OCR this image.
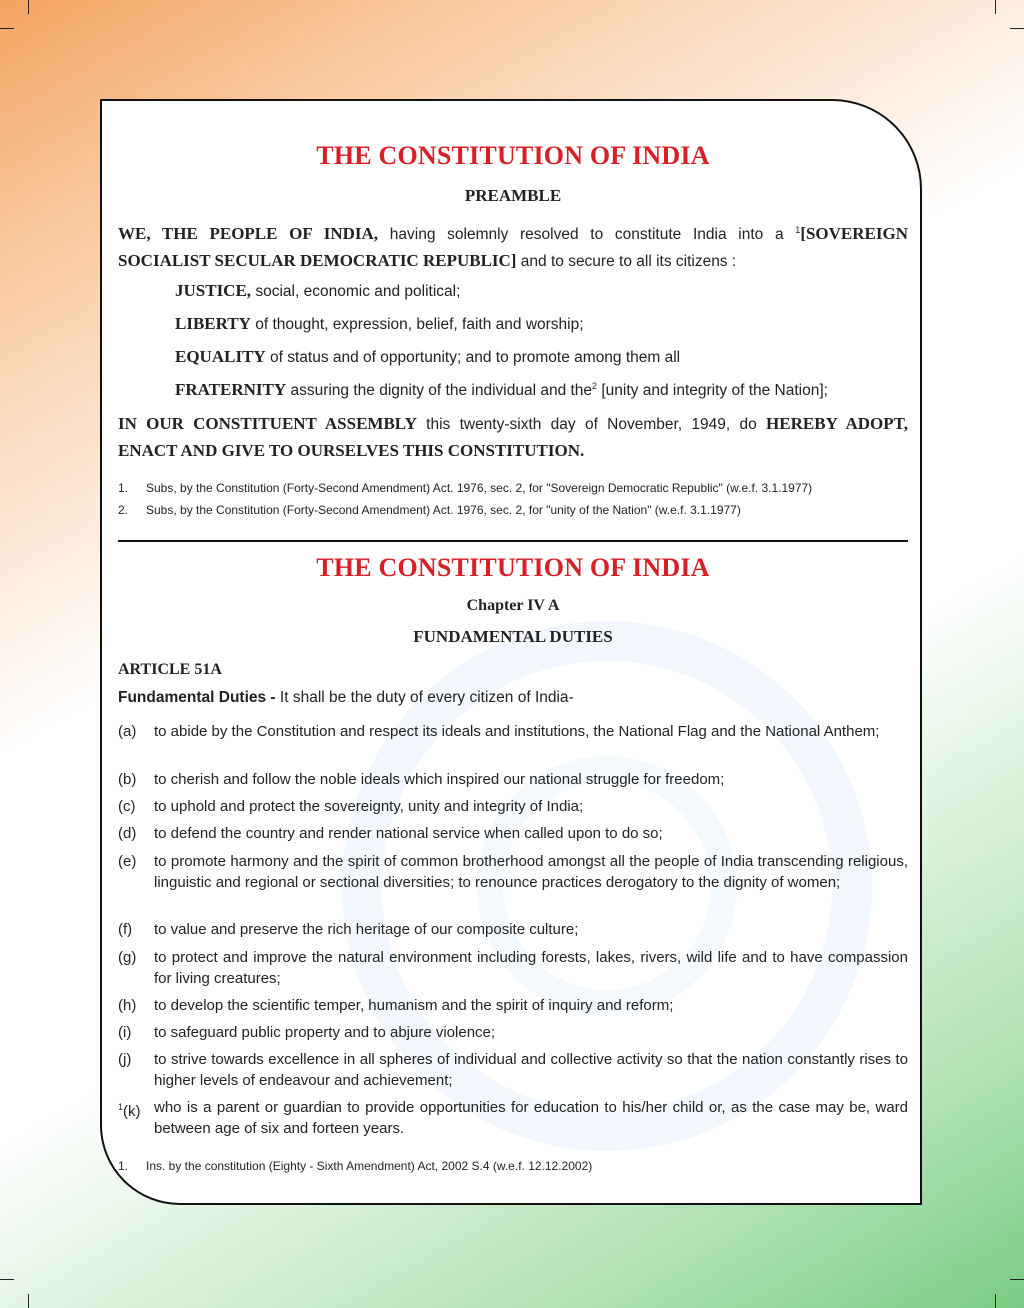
THE CONSTITUTION OF INDIA
PREAMBLE
WE, THE PEOPLE OF INDIA, having solemnly resolved to constitute India into a $^1$[SOVEREIGN SOCIALIST SECULAR DEMOCRATIC REPUBLIC] and to secure to all its citizens :
JUSTICE, social, economic and political;
LIBERTY of thought, expression, belief, faith and worship;
EQUALITY of status and of opportunity; and to promote among them all
FRATERNITY assuring the dignity of the individual and the$^2$ [unity and integrity of the Nation];
IN OUR CONSTITUENT ASSEMBLY this twenty-sixth day of November, 1949, do HEREBY ADOPT, ENACT AND GIVE TO OURSELVES THIS CONSTITUTION.
1. Subs, by the Constitution (Forty-Second Amendment) Act. 1976, sec. 2, for "Sovereign Democratic Republic" (w.e.f. 3.1.1977)
2. Subs, by the Constitution (Forty-Second Amendment) Act. 1976, sec. 2, for "unity of the Nation" (w.e.f. 3.1.1977)
THE CONSTITUTION OF INDIA
Chapter IV A
FUNDAMENTAL DUTIES
ARTICLE 51A
Fundamental Duties - It shall be the duty of every citizen of India-
(a) to abide by the Constitution and respect its ideals and institutions, the National Flag and the National Anthem;
(b) to cherish and follow the noble ideals which inspired our national struggle for freedom;
(c) to uphold and protect the sovereignty, unity and integrity of India;
(d) to defend the country and render national service when called upon to do so;
(e) to promote harmony and the spirit of common brotherhood amongst all the people of India transcending religious, linguistic and regional or sectional diversities; to renounce practices derogatory to the dignity of women;
(f) to value and preserve the rich heritage of our composite culture;
(g) to protect and improve the natural environment including forests, lakes, rivers, wild life and to have compassion for living creatures;
(h) to develop the scientific temper, humanism and the spirit of inquiry and reform;
(i) to safeguard public property and to abjure violence;
(j) to strive towards excellence in all spheres of individual and collective activity so that the nation constantly rises to higher levels of endeavour and achievement;
$^1$(k) who is a parent or guardian to provide opportunities for education to his/her child or, as the case may be, ward between age of six and forteen years.
1. Ins. by the constitution (Eighty - Sixth Amendment) Act, 2002 S.4 (w.e.f. 12.12.2002)
